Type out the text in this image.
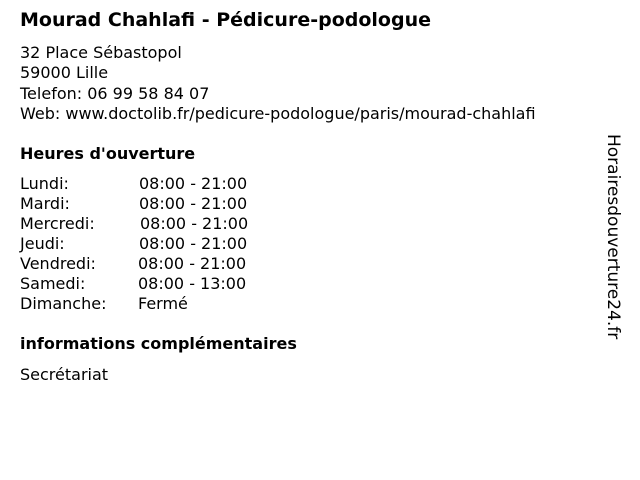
Mourad Chahlafi - Pédicure-podologue
32 Place Sébastopol
59000 Lille
Telefon: 06 99 58 84 07
Web: www.doctolib.fr/pedicure-podologue/paris/mourad-chahlafi
Heures d'ouverture
Lundi:	08:00 - 21:00
Mardi:	08:00 - 21:00
Mercredi:	08:00 - 21:00
Jeudi:	08:00 - 21:00
Vendredi:	08:00 - 21:00
Samedi:	08:00 - 13:00
Dimanche: Fermé
informations complémentaires
Secrétariat
Horairesdouverture24.fr
